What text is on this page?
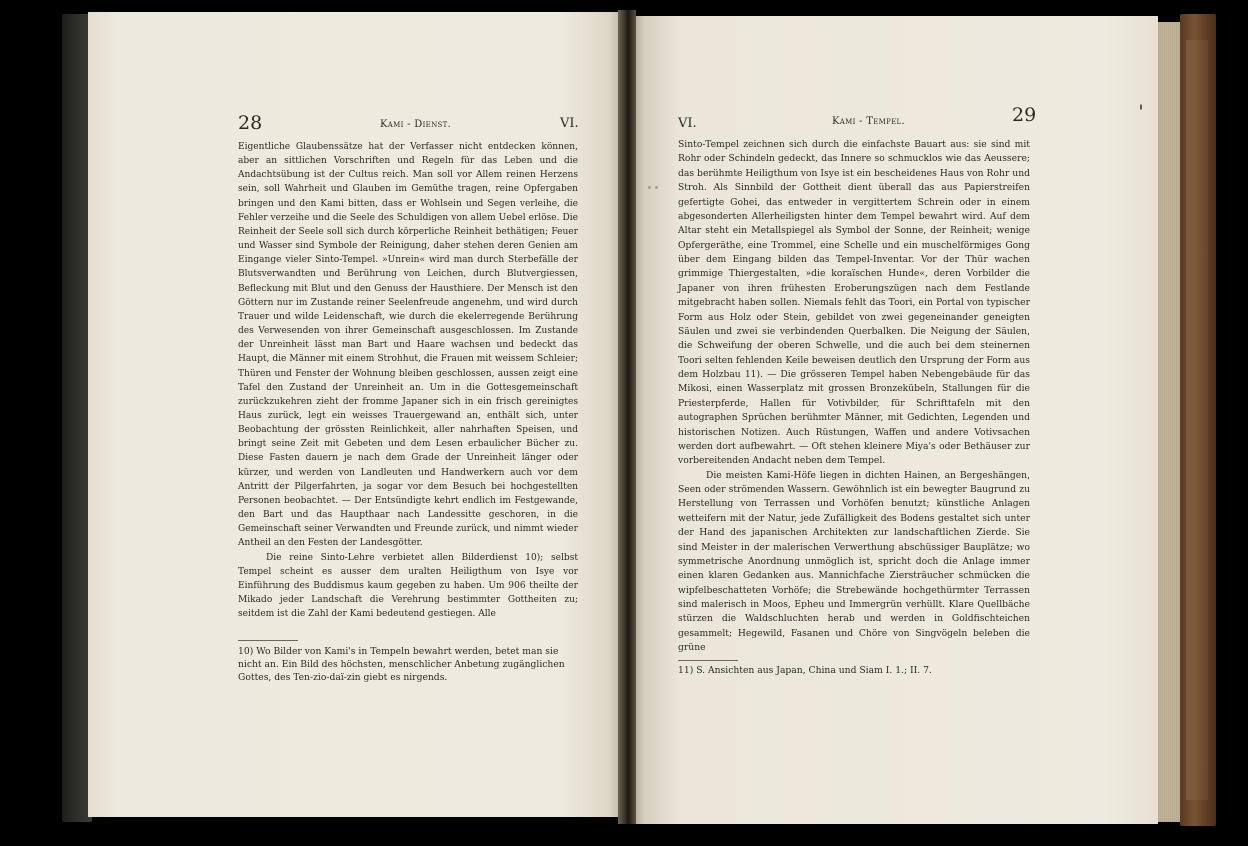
28	Kami - Dienst.	VI.

Eigentliche Glaubenssätze hat der Verfasser nicht entdecken können, aber an sittlichen Vorschriften und Regeln für das Leben und die Andachtsübung ist der Cultus reich. Man soll vor Allem reinen Herzens sein, soll Wahrheit und Glauben im Gemüthe tragen, reine Opfergaben bringen und den Kami bitten, dass er Wohlsein und Segen verleihe, die Fehler verzeihe und die Seele des Schuldigen von allem Uebel erlöse. Die Reinheit der Seele soll sich durch körperliche Reinheit bethätigen; Feuer und Wasser sind Symbole der Reinigung, daher stehen deren Genien am Eingange vieler Sinto-Tempel. »Unrein« wird man durch Sterbefälle der Blutsverwandten und Berührung von Leichen, durch Blutvergiessen, Befleckung mit Blut und den Genuss der Hausthiere. Der Mensch ist den Göttern nur im Zustande reiner Seelenfreude angenehm, und wird durch Trauer und wilde Leidenschaft, wie durch die ekelerregende Berührung des Verwesenden von ihrer Gemeinschaft ausgeschlossen. Im Zustande der Unreinheit lässt man Bart und Haare wachsen und bedeckt das Haupt, die Männer mit einem Strohhut, die Frauen mit weissem Schleier; Thüren und Fenster der Wohnung bleiben geschlossen, aussen zeigt eine Tafel den Zustand der Unreinheit an. Um in die Gottesgemeinschaft zurückzukehren zieht der fromme Japaner sich in ein frisch gereinigtes Haus zurück, legt ein weisses Trauergewand an, enthält sich, unter Beobachtung der grössten Reinlichkeit, aller nahrhaften Speisen, und bringt seine Zeit mit Gebeten und dem Lesen erbaulicher Bücher zu. Diese Fasten dauern je nach dem Grade der Unreinheit länger oder kürzer, und werden von Landleuten und Handwerkern auch vor dem Antritt der Pilgerfahrten, ja sogar vor dem Besuch bei hochgestellten Personen beobachtet. — Der Entsündigte kehrt endlich im Festgewande, den Bart und das Haupthaar nach Landessitte geschoren, in die Gemeinschaft seiner Verwandten und Freunde zurück, und nimmt wieder Antheil an den Festen der Landesgötter.

Die reine Sinto-Lehre verbietet allen Bilderdienst 10); selbst Tempel scheint es ausser dem uralten Heiligthum von Isye vor Einführung des Buddismus kaum gegeben zu haben. Um 906 theilte der Mikado jeder Landschaft die Verehrung bestimmter Gottheiten zu; seitdem ist die Zahl der Kami bedeutend gestiegen. Alle

10) Wo Bilder von Kami's in Tempeln bewahrt werden, betet man sie nicht an. Ein Bild des höchsten, menschlicher Anbetung zugänglichen Gottes, des Ten-zio-daï-zin giebt es nirgends.
VI.	Kami - Tempel.	29

Sinto-Tempel zeichnen sich durch die einfachste Bauart aus: sie sind mit Rohr oder Schindeln gedeckt, das Innere so schmucklos wie das Aeussere; das berühmte Heiligthum von Isye ist ein bescheidenes Haus von Rohr und Stroh. Als Sinnbild der Gottheit dient überall das aus Papierstreifen gefertigte Gohei, das entweder in vergittertem Schrein oder in einem abgesonderten Allerheiligsten hinter dem Tempel bewahrt wird. Auf dem Altar steht ein Metallspiegel als Symbol der Sonne, der Reinheit; wenige Opfergeräthe, eine Trommel, eine Schelle und ein muschelförmiges Gong über dem Eingang bilden das Tempel-Inventar. Vor der Thür wachen grimmige Thiergestalten, »die koraïschen Hunde«, deren Vorbilder die Japaner von ihren frühesten Eroberungszügen nach dem Festlande mitgebracht haben sollen. Niemals fehlt das Toori, ein Portal von typischer Form aus Holz oder Stein, gebildet von zwei gegeneinander geneigten Säulen und zwei sie verbindenden Querbalken. Die Neigung der Säulen, die Schweifung der oberen Schwelle, und die auch bei dem steinernen Toori selten fehlenden Keile beweisen deutlich den Ursprung der Form aus dem Holzbau 11). — Die grösseren Tempel haben Nebengebäude für das Mikosi, einen Wasserplatz mit grossen Bronzekübeln, Stallungen für die Priesterpferde, Hallen für Votivbilder, für Schrifttafeln mit den autographen Sprüchen berühmter Männer, mit Gedichten, Legenden und historischen Notizen. Auch Rüstungen, Waffen und andere Votivsachen werden dort aufbewahrt. — Oft stehen kleinere Miya's oder Bethäuser zur vorbereitenden Andacht neben dem Tempel.

Die meisten Kami-Höfe liegen in dichten Hainen, an Bergeshängen, Seen oder strömenden Wassern. Gewöhnlich ist ein bewegter Baugrund zu Herstellung von Terrassen und Vorhöfen benutzt; künstliche Anlagen wetteifern mit der Natur, jede Zufälligkeit des Bodens gestaltet sich unter der Hand des japanischen Architekten zur landschaftlichen Zierde. Sie sind Meister in der malerischen Verwerthung abschüssiger Bauplätze; wo symmetrische Anordnung unmöglich ist, spricht doch die Anlage immer einen klaren Gedanken aus. Mannichfache Ziersträucher schmücken die wipfelbeschatteten Vorhöfe; die Strebewände hochgethürmter Terrassen sind malerisch in Moos, Epheu und Immergrün verhüllt. Klare Quellbäche stürzen die Waldschluchten herab und werden in Goldfischteichen gesammelt; Hegewild, Fasanen und Chöre von Singvögeln beleben die grüne

11) S. Ansichten aus Japan, China und Siam I. 1.; II. 7.
